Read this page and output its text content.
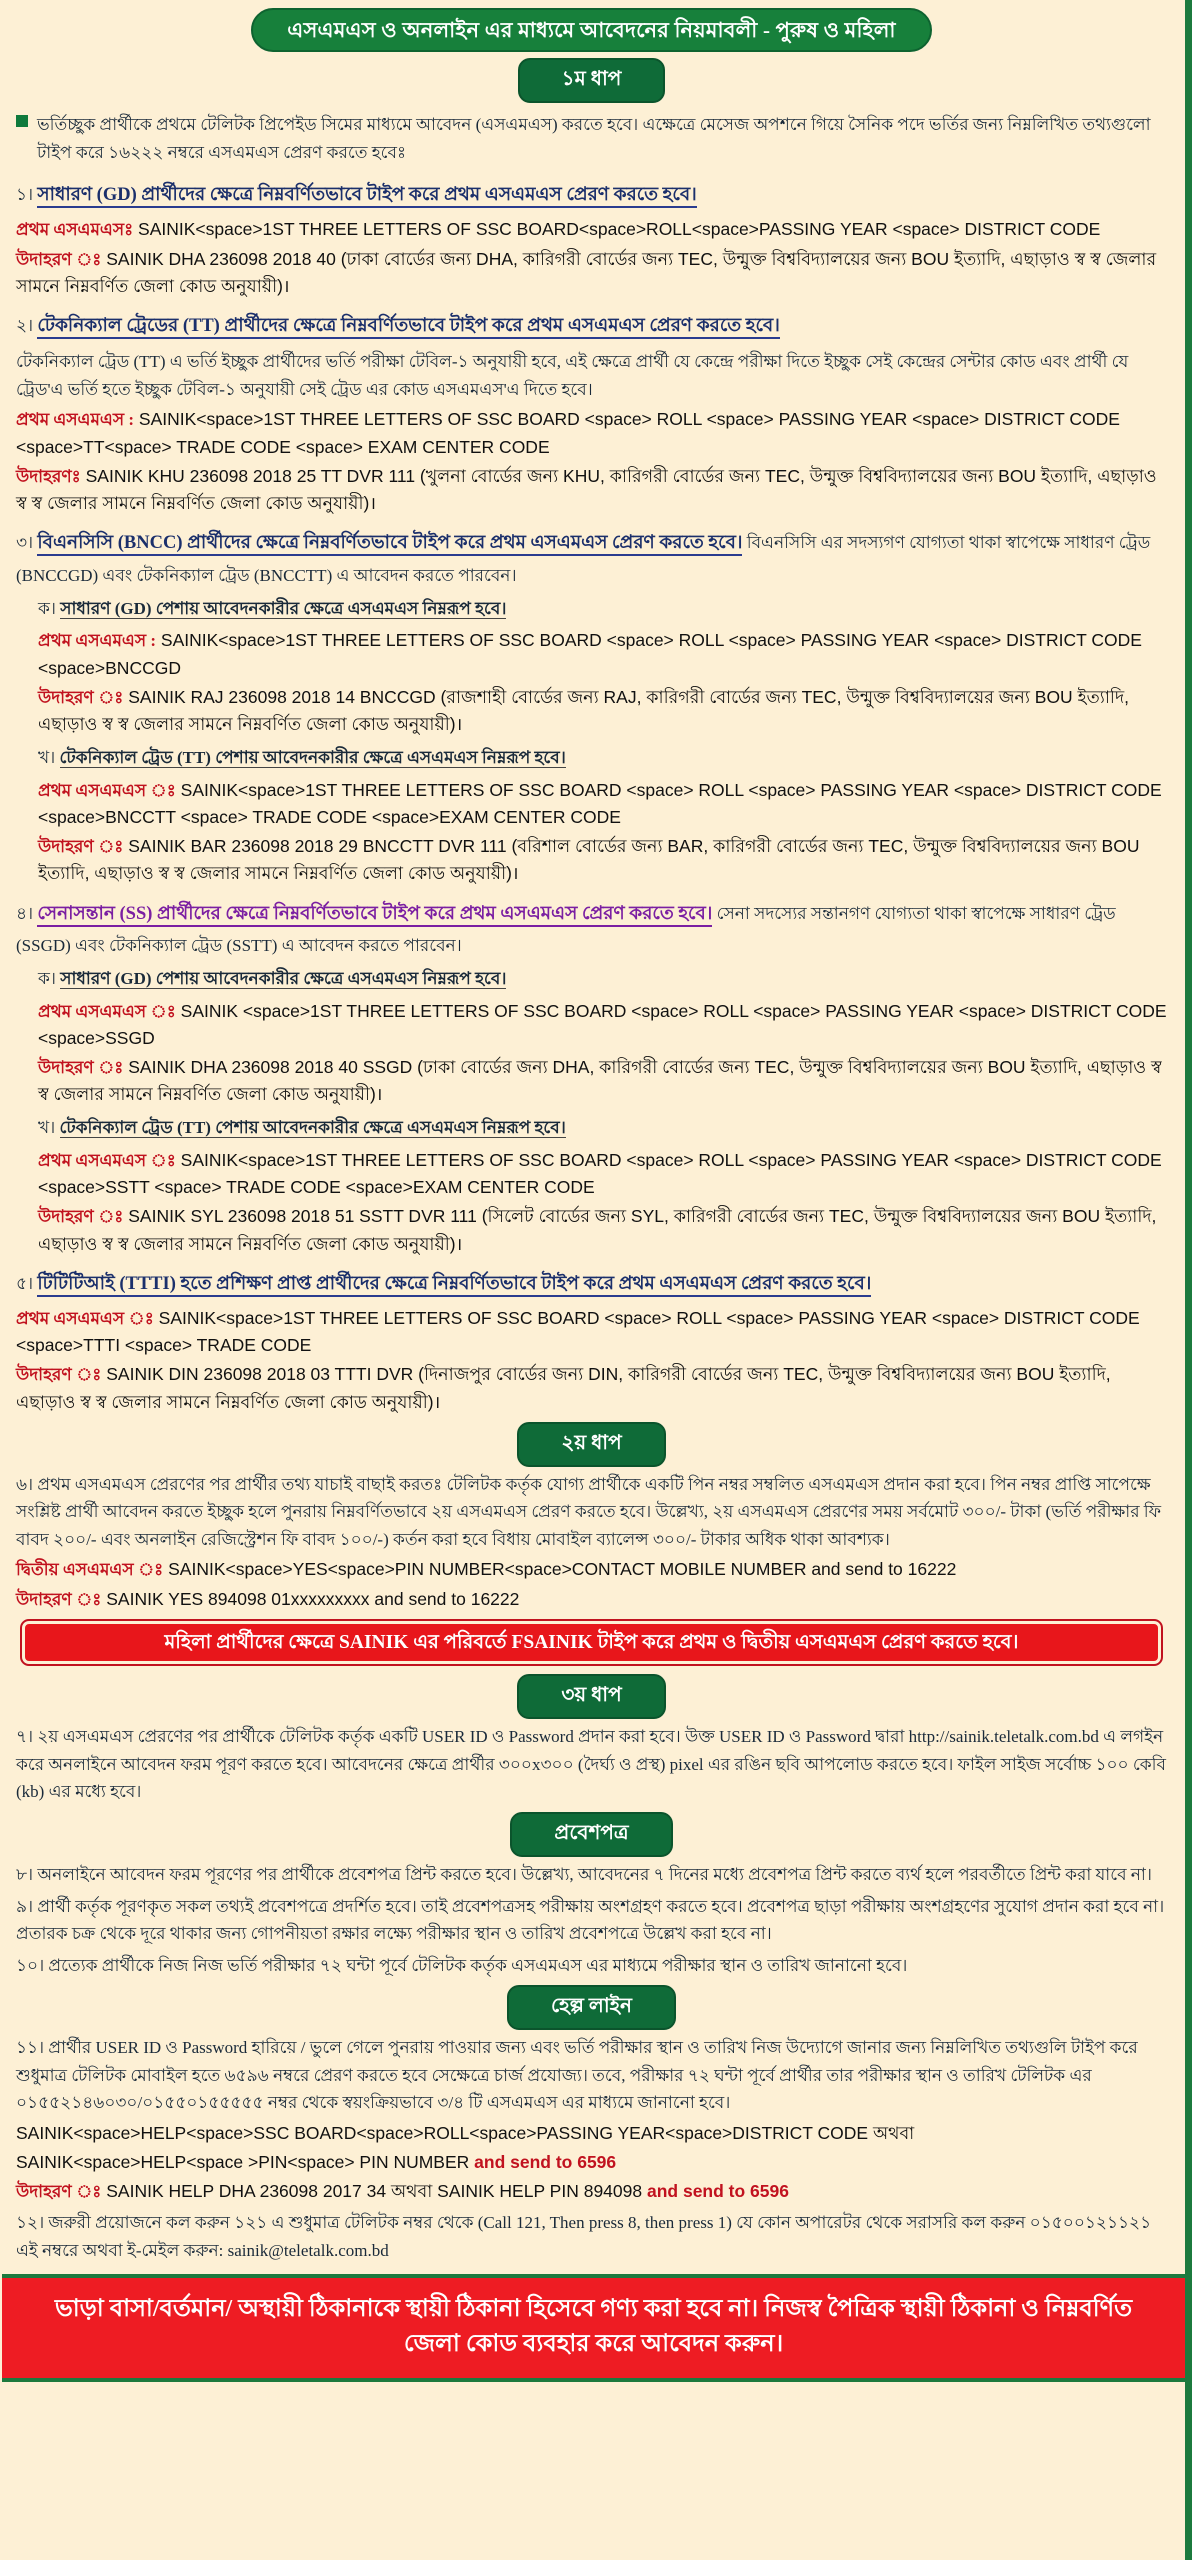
এসএমএস ও অনলাইন এর মাধ্যমে আবেদনের নিয়মাবলী - পুরুষ ও মহিলা
১ম ধাপ
ভর্তিচ্ছুক প্রার্থীকে প্রথমে টেলিটক প্রিপেইড সিমের মাধ্যমে আবেদন (এসএমএস) করতে হবে। এক্ষেত্রে মেসেজ অপশনে গিয়ে সৈনিক পদে ভর্তির জন্য নিম্নলিখিত তথ্যগুলো টাইপ করে ১৬২২২ নম্বরে এসএমএস প্রেরণ করতে হবেঃ
১। সাধারণ (GD) প্রার্থীদের ক্ষেত্রে নিম্নবর্ণিতভাবে টাইপ করে প্রথম এসএমএস প্রেরণ করতে হবে।
প্রথম এসএমএস SAINIK<space>1ST THREE LETTERS OF SSC BOARD<space>ROLL<space>PASSING YEAR <space> DISTRICT CODE
উদাহরণ ঃ SAINIK DHA 236098 2018 40 (ঢাকা বোর্ডের জন্য DHA, কারিগরী বোর্ডের জন্য TEC, উন্মুক্ত বিশ্ববিদ্যালয়ের জন্য BOU ইত্যাদি, এছাড়াও স্ব স্ব জেলার সামনে নিম্নবর্ণিত জেলা কোড অনুযায়ী)।
২। টেকনিক্যাল ট্রেডের (TT) প্রার্থীদের ক্ষেত্রে নিম্নবর্ণিতভাবে টাইপ করে প্রথম এসএমএস প্রেরণ করতে হবে।
টেকনিক্যাল ট্রেড (TT) এ ভর্তি ইচ্ছুক প্রার্থীদের ভর্তি পরীক্ষা টেবিল-১ অনুযায়ী হবে, এই ক্ষেত্রে প্রার্থী যে কেন্দ্রে পরীক্ষা দিতে ইচ্ছুক সেই কেন্দ্রের সেন্টার কোড এবং প্রার্থী যে ট্রেড'এ ভর্তি হতে ইচ্ছুক টেবিল-১ অনুযায়ী সেই ট্রেড এর কোড এসএমএস'এ দিতে হবে।
প্রথম এসএমএস : SAINIK<space>1ST THREE LETTERS OF SSC BOARD <space> ROLL <space> PASSING YEAR <space> DISTRICT CODE <space>TT<space> TRADE CODE <space> EXAM CENTER CODE
উদাহরণঃ SAINIK KHU 236098 2018 25 TT DVR 111 (খুলনা বোর্ডের জন্য KHU, কারিগরী বোর্ডের জন্য TEC, উন্মুক্ত বিশ্ববিদ্যালয়ের জন্য BOU ইত্যাদি, এছাড়াও স্ব স্ব জেলার সামনে নিম্নবর্ণিত জেলা কোড অনুযায়ী)।
৩। বিএনসিসি (BNCC) প্রার্থীদের ক্ষেত্রে নিম্নবর্ণিতভাবে টাইপ করে প্রথম এসএমএস প্রেরণ করতে হবে। বিএনসিসি এর সদস্যগণ যোগ্যতা থাকা স্বাপেক্ষে সাধারণ ট্রেড (BNCCGD) এবং টেকনিক্যাল ট্রেড (BNCCTT) এ আবেদন করতে পারবেন।
ক। সাধারণ (GD) পেশায় আবেদনকারীর ক্ষেত্রে এসএমএস নিম্নরূপ হবে।
প্রথম এসএমএস : SAINIK<space>1ST THREE LETTERS OF SSC BOARD <space> ROLL <space> PASSING YEAR <space> DISTRICT CODE <space>BNCCGD
উদাহরণ ঃ SAINIK RAJ 236098 2018 14 BNCCGD (রাজশাহী বোর্ডের জন্য RAJ, কারিগরী বোর্ডের জন্য TEC, উন্মুক্ত বিশ্ববিদ্যালয়ের জন্য BOU ইত্যাদি, এছাড়াও স্ব স্ব জেলার সামনে নিম্নবর্ণিত জেলা কোড অনুযায়ী)।
খ। টেকনিক্যাল ট্রেড (TT) পেশায় আবেদনকারীর ক্ষেত্রে এসএমএস নিম্নরূপ হবে।
প্রথম এসএমএস ঃ SAINIK<space>1ST THREE LETTERS OF SSC BOARD <space> ROLL <space> PASSING YEAR <space> DISTRICT CODE <space>BNCCTT <space> TRADE CODE <space>EXAM CENTER CODE
উদাহরণ ঃ SAINIK BAR 236098 2018 29 BNCCTT DVR 111 (বরিশাল বোর্ডের জন্য BAR, কারিগরী বোর্ডের জন্য TEC, উন্মুক্ত বিশ্ববিদ্যালয়ের জন্য BOU ইত্যাদি, এছাড়াও স্ব স্ব জেলার সামনে নিম্নবর্ণিত জেলা কোড অনুযায়ী)।
৪। সেনাসন্তান (SS) প্রার্থীদের ক্ষেত্রে নিম্নবর্ণিতভাবে টাইপ করে প্রথম এসএমএস প্রেরণ করতে হবে। সেনা সদস্যের সন্তানগণ যোগ্যতা থাকা স্বাপেক্ষে সাধারণ ট্রেড (SSGD) এবং টেকনিক্যাল ট্রেড (SSTT) এ আবেদন করতে পারবেন।
ক। সাধারণ (GD) পেশায় আবেদনকারীর ক্ষেত্রে এসএমএস নিম্নরূপ হবে।
প্রথম এসএমএস ঃ SAINIK <space>1ST THREE LETTERS OF SSC BOARD <space> ROLL <space> PASSING YEAR <space> DISTRICT CODE <space>SSGD
উদাহরণ ঃ SAINIK DHA 236098 2018 40 SSGD (ঢাকা বোর্ডের জন্য DHA, কারিগরী বোর্ডের জন্য TEC, উন্মুক্ত বিশ্ববিদ্যালয়ের জন্য BOU ইত্যাদি, এছাড়াও স্ব স্ব জেলার সামনে নিম্নবর্ণিত জেলা কোড অনুযায়ী)।
খ। টেকনিক্যাল ট্রেড (TT) পেশায় আবেদনকারীর ক্ষেত্রে এসএমএস নিম্নরূপ হবে।
প্রথম এসএমএস ঃ SAINIK<space>1ST THREE LETTERS OF SSC BOARD <space> ROLL <space> PASSING YEAR <space> DISTRICT CODE <space>SSTT <space> TRADE CODE <space>EXAM CENTER CODE
উদাহরণ ঃ SAINIK SYL 236098 2018 51 SSTT DVR 111 (সিলেট বোর্ডের জন্য SYL, কারিগরী বোর্ডের জন্য TEC, উন্মুক্ত বিশ্ববিদ্যালয়ের জন্য BOU ইত্যাদি, এছাড়াও স্ব স্ব জেলার সামনে নিম্নবর্ণিত জেলা কোড অনুযায়ী)।
৫। টিটিটিআই (TTTI) হতে প্রশিক্ষণ প্রাপ্ত প্রার্থীদের ক্ষেত্রে নিম্নবর্ণিতভাবে টাইপ করে প্রথম এসএমএস প্রেরণ করতে হবে।
প্রথম এসএমএস ঃ SAINIK<space>1ST THREE LETTERS OF SSC BOARD <space> ROLL <space> PASSING YEAR <space> DISTRICT CODE <space>TTTI <space> TRADE CODE
উদাহরণ ঃ SAINIK DIN 236098 2018 03 TTTI DVR (দিনাজপুর বোর্ডের জন্য DIN, কারিগরী বোর্ডের জন্য TEC, উন্মুক্ত বিশ্ববিদ্যালয়ের জন্য BOU ইত্যাদি, এছাড়াও স্ব স্ব জেলার সামনে নিম্নবর্ণিত জেলা কোড অনুযায়ী)।
২য় ধাপ
৬। প্রথম এসএমএস প্রেরণের পর প্রার্থীর তথ্য যাচাই বাছাই করতঃ টেলিটক কর্তৃক যোগ্য প্রার্থীকে একটি পিন নম্বর সম্বলিত এসএমএস প্রদান করা হবে। পিন নম্বর প্রাপ্তি সাপেক্ষে সংশ্লিষ্ট প্রার্থী আবেদন করতে ইচ্ছুক হলে পুনরায় নিম্নবর্ণিতভাবে ২য় এসএমএস প্রেরণ করতে হবে। উল্লেখ্য, ২য় এসএমএস প্রেরণের সময় সর্বমোট ৩০০/- টাকা (ভর্তি পরীক্ষার ফি বাবদ ২০০/- এবং অনলাইন রেজিস্ট্রেশন ফি বাবদ ১০০/-) কর্তন করা হবে বিধায় মোবাইল ব্যালেন্স ৩০০/- টাকার অধিক থাকা আবশ্যক।
দ্বিতীয় এসএমএস ঃ SAINIK<space>YES<space>PIN NUMBER<space>CONTACT MOBILE NUMBER and send to 16222
উদাহরণ ঃ SAINIK YES 894098 01xxxxxxxxx and send to 16222
মহিলা প্রার্থীদের ক্ষেত্রে SAINIK এর পরিবর্তে FSAINIK টাইপ করে প্রথম ও দ্বিতীয় এসএমএস প্রেরণ করতে হবে।
৩য় ধাপ
৭। ২য় এসএমএস প্রেরণের পর প্রার্থীকে টেলিটক কর্তৃক একটি USER ID ও Password প্রদান করা হবে। উক্ত USER ID ও Password দ্বারা http://sainik.teletalk.com.bd এ লগইন করে অনলাইনে আবেদন ফরম পূরণ করতে হবে। আবেদনের ক্ষেত্রে প্রার্থীর ৩০০x৩০০ (দৈর্ঘ্য ও প্রস্থ) pixel এর রঙিন ছবি আপলোড করতে হবে। ফাইল সাইজ সর্বোচ্চ ১০০ কেবি (kb) এর মধ্যে হবে।
প্রবেশপত্র
৮। অনলাইনে আবেদন ফরম পূরণের পর প্রার্থীকে প্রবেশপত্র প্রিন্ট করতে হবে। উল্লেখ্য, আবেদনের ৭ দিনের মধ্যে প্রবেশপত্র প্রিন্ট করতে ব্যর্থ হলে পরবর্তীতে প্রিন্ট করা যাবে না।
৯। প্রার্থী কর্তৃক পূরণকৃত সকল তথ্যই প্রবেশপত্রে প্রদর্শিত হবে। তাই প্রবেশপত্রসহ পরীক্ষায় অংশগ্রহণ করতে হবে। প্রবেশপত্র ছাড়া পরীক্ষায় অংশগ্রহণের সুযোগ প্রদান করা হবে না। প্রতারক চক্র থেকে দূরে থাকার জন্য গোপনীয়তা রক্ষার লক্ষ্যে পরীক্ষার স্থান ও তারিখ প্রবেশপত্রে উল্লেখ করা হবে না।
১০। প্রত্যেক প্রার্থীকে নিজ নিজ ভর্তি পরীক্ষার ৭২ ঘন্টা পূর্বে টেলিটক কর্তৃক এসএমএস এর মাধ্যমে পরীক্ষার স্থান ও তারিখ জানানো হবে।
হেল্প লাইন
১১। প্রার্থীর USER ID ও Password হারিয়ে / ভুলে গেলে পুনরায় পাওয়ার জন্য এবং ভর্তি পরীক্ষার স্থান ও তারিখ নিজ উদ্যোগে জানার জন্য নিম্নলিখিত তথ্যগুলি টাইপ করে শুধুমাত্র টেলিটক মোবাইল হতে ৬৫৯৬ নম্বরে প্রেরণ করতে হবে সেক্ষেত্রে চার্জ প্রযোজ্য। তবে, পরীক্ষার ৭২ ঘন্টা পূর্বে প্রার্থীর তার পরীক্ষার স্থান ও তারিখ টেলিটক এর ০১৫৫২১৪৬০৩০/০১৫৫০১৫৫৫৫৫ নম্বর থেকে স্বয়ংক্রিয়ভাবে ৩/৪ টি এসএমএস এর মাধ্যমে জানানো হবে।
SAINIK<space>HELP<space>SSC BOARD<space>ROLL<space>PASSING YEAR<space>DISTRICT CODE অথবা
SAINIK<space>HELP<space >PIN<space> PIN NUMBER and send to 6596
উদাহরণ ঃ SAINIK HELP DHA 236098 2017 34 অথবা SAINIK HELP PIN 894098 and send to 6596
১২। জরুরী প্রয়োজনে কল করুন ১২১ এ শুধুমাত্র টেলিটক নম্বর থেকে (Call 121, Then press 8, then press 1) যে কোন অপারেটর থেকে সরাসরি কল করুন ০১৫০০১২১১২১ এই নম্বরে অথবা ই-মেইল করুন: sainik@teletalk.com.bd
ভাড়া বাসা/বর্তমান/ অস্থায়ী ঠিকানাকে স্থায়ী ঠিকানা হিসেবে গণ্য করা হবে না। নিজস্ব পৈত্রিক স্থায়ী ঠিকানা ও নিম্নবর্ণিত জেলা কোড ব্যবহার করে আবেদন করুন।
